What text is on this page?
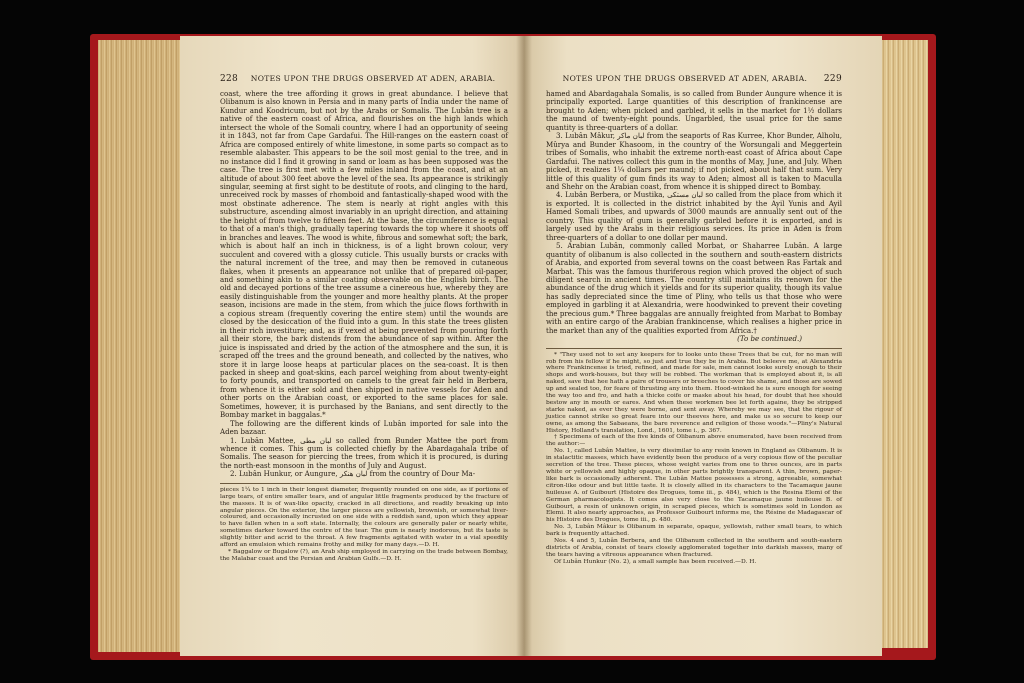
228 NOTES UPON THE DRUGS OBSERVED AT ADEN, ARABIA.

coast, where the tree affording it grows in great abundance. I believe that Olibanum is also known in Persia and in many parts of India under the name of Kundur and Koodricum, but not by the Arabs or Somalis. The Lubân tree is a native of the eastern coast of Africa, and flourishes on the high lands which intersect the whole of the Somali country, where I had an opportunity of seeing it in 1843, not far from Cape Gardafui. The Hill-ranges on the eastern coast of Africa are composed entirely of white limestone, in some parts so compact as to resemble alabaster. This appears to be the soil most genial to the tree, and in no instance did I find it growing in sand or loam as has been supposed was the case. The tree is first met with a few miles inland from the coast, and at an altitude of about 300 feet above the level of the sea. Its appearance is strikingly singular, seeming at first sight to be destitute of roots, and clinging to the hard, unreceived rock by masses of rhomboid and fantastically-shaped wood with the most obstinate adherence. The stem is nearly at right angles with this substructure, ascending almost invariably in an upright direction, and attaining the height of from twelve to fifteen feet. At the base, the circumference is equal to that of a man's thigh, gradually tapering towards the top where it shoots off in branches and leaves. The wood is white, fibrous and somewhat soft; the bark, which is about half an inch in thickness, is of a light brown colour, very succulent and covered with a glossy cuticle. This usually bursts or cracks with the natural increment of the tree, and may then be removed in cutaneous flakes, when it presents an appearance not unlike that of prepared oil-paper, and something akin to a similar coating observable on the English birch. The old and decayed portions of the tree assume a cinereous hue, whereby they are easily distinguishable from the younger and more healthy plants. At the proper season, incisions are made in the stem, from which the juice flows forthwith in a copious stream (frequently covering the entire stem) until the wounds are closed by the desiccation of the fluid into a gum. In this state the trees glisten in their rich investiture; and, as if vexed at being prevented from pouring forth all their store, the bark distends from the abundance of sap within. After the juice is inspissated and dried by the action of the atmosphere and the sun, it is scraped off the trees and the ground beneath, and collected by the natives, who store it in large loose heaps at particular places on the sea-coast. It is then packed in sheep and goat-skins, each parcel weighing from about twenty-eight to forty pounds, and transported on camels to the great fair held in Berbera, from whence it is either sold and then shipped in native vessels for Aden and other ports on the Arabian coast, or exported to the same places for sale. Sometimes, however, it is purchased by the Banians, and sent directly to the Bombay market in baggalas.*

The following are the different kinds of Lubân imported for sale into the Aden bazaar.

1. Lubân Mattee, لبان مطى so called from Bunder Mattee the port from whence it comes. This gum is collected chiefly by the Abardagahala tribe of Somalis. The season for piercing the trees, from which it is procured, is during the north-east monsoon in the months of July and August.

2. Lubân Hunkur, or Aungure, لبان هنكر from the country of Dour Ma-

pieces 1¼ to 1 inch in their longest diameter, frequently rounded on one side, as if portions of large tears, of entire smaller tears, and of angular little fragments produced by the fracture of the masses. It is of wax-like opacity, cracked in all directions, and readily breaking up into angular pieces. On the exterior, the larger pieces are yellowish, brownish, or somewhat liver-coloured, and occasionally incrusted on one side with a reddish sand, upon which they appear to have fallen when in a soft state. Internally, the colours are generally paler or nearly white, sometimes darker toward the centre of the tear. The gum is nearly inodorous, but its taste is slightly bitter and acrid to the throat. A few fragments agitated with water in a vial speedily afford an emulsion which remains frothy and milky for many days.—D. H.

* Baggalow or Bugalow (?), an Arab ship employed in carrying on the trade between Bombay, the Malabar coast and the Persian and Arabian Gulfs.—D. H.

NOTES UPON THE DRUGS OBSERVED AT ADEN, ARABIA. 229

hamed and Abardagahala Somalis, is so called from Bunder Aungure whence it is principally exported. Large quantities of this description of frankincense are brought to Aden; when picked and garbled, it sells in the market for 1½ dollars the maund of twenty-eight pounds. Ungarbled, the usual price for the same quantity is three-quarters of a dollar.

3. Lubân Mâkur, لبان ماكر from the seaports of Ras Kurree, Khor Bunder, Alholu, Mûrya and Bunder Khasoom, in the country of the Worsungali and Meggertein tribes of Somalis, who inhabit the extreme north-east coast of Africa about Cape Gardafui. The natives collect this gum in the months of May, June, and July. When picked, it realizes 1¼ dollars per maund; if not picked, about half that sum. Very little of this quality of gum finds its way to Aden; almost all is taken to Maculla and Shehr on the Arabian coast, from whence it is shipped direct to Bombay.

4. Lubân Berbera, or Mustika, لبان مستكى so called from the place from which it is exported. It is collected in the district inhabited by the Ayil Yunis and Ayil Hamed Somali tribes, and upwards of 3000 maunds are annually sent out of the country. This quality of gum is generally garbled before it is exported, and is largely used by the Arabs in their religious services. Its price in Aden is from three-quarters of a dollar to one dollar per maund.

5. Arabian Lubân, commonly called Morbat, or Shaharree Lubân. A large quantity of olibanum is also collected in the southern and south-eastern districts of Arabia, and exported from several towns on the coast between Ras Fartak and Marbat. This was the famous thuriferous region which proved the object of such diligent search in ancient times. The country still maintains its renown for the abundance of the drug which it yields and for its superior quality, though its value has sadly depreciated since the time of Pliny, who tells us that those who were employed in garbling it at Alexandria, were hoodwinked to prevent their coveting the precious gum.* Three baggalas are annually freighted from Marbat to Bombay with an entire cargo of the Arabian frankincense, which realises a higher price in the market than any of the qualities exported from Africa.†

(To be continued.)

* "They used not to set any keepers for to looke unto these Trees that be cut, for no man will rob from his fellow if he might, so just and true they be in Arabia. But beleeve me, at Alexandria where Frankincense is tried, refined, and made for sale, men cannot looke surely enough to their shops and work-houses, but they will be robbed. The workman that is employed about it, is all naked, save that hee hath a paire of trousers or breeches to cover his shame, and those are sowed up and sealed too, for feare of thrusting any into them. Hood-winked he is sure enough for seeing the way too and fro, and hath a thicke coife or maske about his head, for doubt that hee should bestow any in mouth or eares. And when these workmen bee let forth againe, they be stripped starke naked, as ever they were borne, and sent away. Whereby we may see, that the rigour of justice cannot strike so great feare into our theeves here, and make us so secure to keep our owne, as among the Sabaeans, the bare reverence and religion of those woods."—Pliny's Natural History, Holland's translation, Lond., 1601, tome i., p. 367.

† Specimens of each of the five kinds of Olibanum above enumerated, have been received from the author:—

No. 1, called Lubân Mattee, is very dissimilar to any resin known in England as Olibanum. It is in stalactitic masses, which have evidently been the produce of a very copious flow of the peculiar secretion of the tree. These pieces, whose weight varies from one to three ounces, are in parts white or yellowish and highly opaque, in other parts brightly transparent. A thin, brown, paper-like bark is occasionally adherent. The Lubân Mattee possesses a strong, agreeable, somewhat citron-like odour and but little taste. It is closely allied in its characters to the Tacamaque jaune huileuse A. of Guibourt (Histoire des Drogues, tome iii., p. 484), which is the Resina Elemi of the German pharmacologists. It comes also very close to the Tacamaque jaune huileuse B. of Guibourt, a resin of unknown origin, in scraped pieces, which is sometimes sold in London as Elemi. It also nearly approaches, as Professor Guibourt informs me, the Résine de Madagascar of his Histoire des Drogues, tome iii., p. 480.

No. 3, Lubân Mâkur is Olibanum in separate, opaque, yellowish, rather small tears, to which bark is frequently attached.

Nos. 4 and 5, Lubân Berbera, and the Olibanum collected in the southern and south-eastern districts of Arabia, consist of tears closely agglomerated together into darkish masses, many of the tears having a vitreous appearance when fractured.

Of Lubân Hunkur (No. 2), a small sample has been received.—D. H.
